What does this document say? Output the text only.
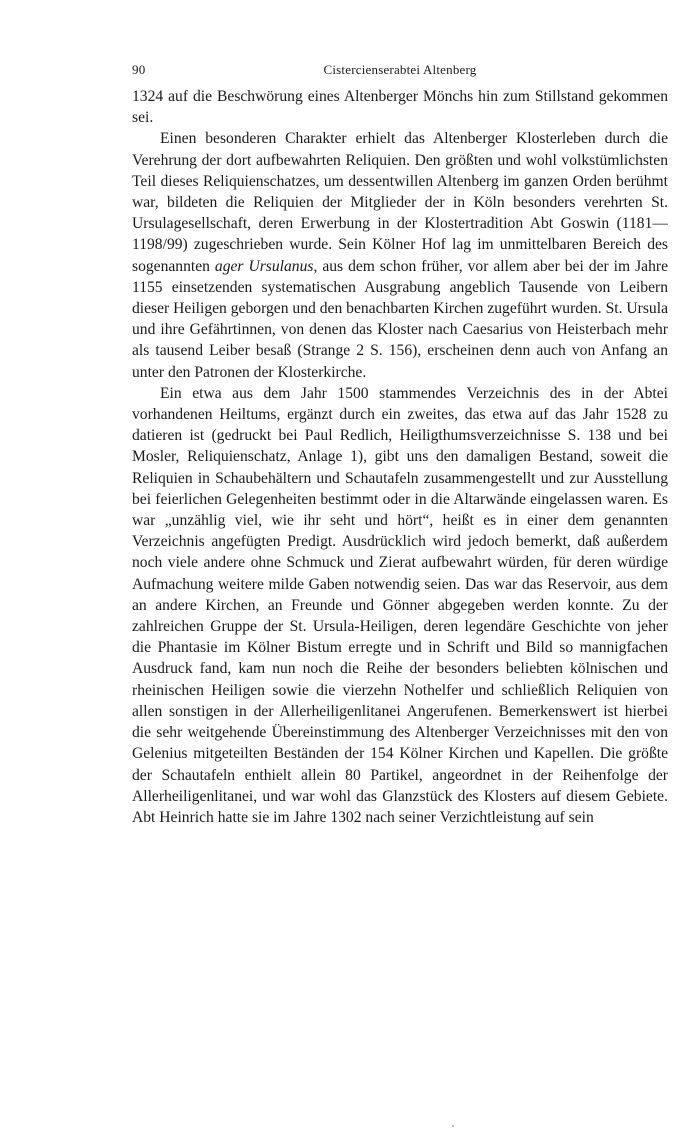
90	Cistercienserabtei Altenberg

1324 auf die Beschwörung eines Altenberger Mönchs hin zum Stillstand gekommen sei.

Einen besonderen Charakter erhielt das Altenberger Klosterleben durch die Verehrung der dort aufbewahrten Reliquien. Den größten und wohl volkstümlichsten Teil dieses Reliquienschatzes, um dessentwillen Altenberg im ganzen Orden berühmt war, bildeten die Reliquien der Mitglieder der in Köln besonders verehrten St. Ursulagesellschaft, deren Erwerbung in der Klostertradition Abt Goswin (1181—1198/99) zugeschrieben wurde. Sein Kölner Hof lag im unmittelbaren Bereich des sogenannten ager Ursulanus, aus dem schon früher, vor allem aber bei der im Jahre 1155 einsetzenden systematischen Ausgrabung angeblich Tausende von Leibern dieser Heiligen geborgen und den benachbarten Kirchen zugeführt wurden. St. Ursula und ihre Gefährtinnen, von denen das Kloster nach Caesarius von Heisterbach mehr als tausend Leiber besaß (Strange 2 S. 156), erscheinen denn auch von Anfang an unter den Patronen der Klosterkirche.

Ein etwa aus dem Jahr 1500 stammendes Verzeichnis des in der Abtei vorhandenen Heiltums, ergänzt durch ein zweites, das etwa auf das Jahr 1528 zu datieren ist (gedruckt bei Paul Redlich, Heiligthumsverzeichnisse S. 138 und bei Mosler, Reliquienschatz, Anlage 1), gibt uns den damaligen Bestand, soweit die Reliquien in Schaubehältern und Schautafeln zusammengestellt und zur Ausstellung bei feierlichen Gelegenheiten bestimmt oder in die Altarwände eingelassen waren. Es war „unzählig viel, wie ihr seht und hört“, heißt es in einer dem genannten Verzeichnis angefügten Predigt. Ausdrücklich wird jedoch bemerkt, daß außerdem noch viele andere ohne Schmuck und Zierat aufbewahrt würden, für deren würdige Aufmachung weitere milde Gaben notwendig seien. Das war das Reservoir, aus dem an andere Kirchen, an Freunde und Gönner abgegeben werden konnte. Zu der zahlreichen Gruppe der St. Ursula-Heiligen, deren legendäre Geschichte von jeher die Phantasie im Kölner Bistum erregte und in Schrift und Bild so mannigfachen Ausdruck fand, kam nun noch die Reihe der besonders beliebten kölnischen und rheinischen Heiligen sowie die vierzehn Nothelfer und schließlich Reliquien von allen sonstigen in der Allerheiligenlitanei Angerufenen. Bemerkenswert ist hierbei die sehr weitgehende Übereinstimmung des Altenberger Verzeichnisses mit den von Gelenius mitgeteilten Beständen der 154 Kölner Kirchen und Kapellen. Die größte der Schautafeln enthielt allein 80 Partikel, angeordnet in der Reihenfolge der Allerheiligenlitanei, und war wohl das Glanzstück des Klosters auf diesem Gebiete. Abt Heinrich hatte sie im Jahre 1302 nach seiner Verzichtleistung auf sein
